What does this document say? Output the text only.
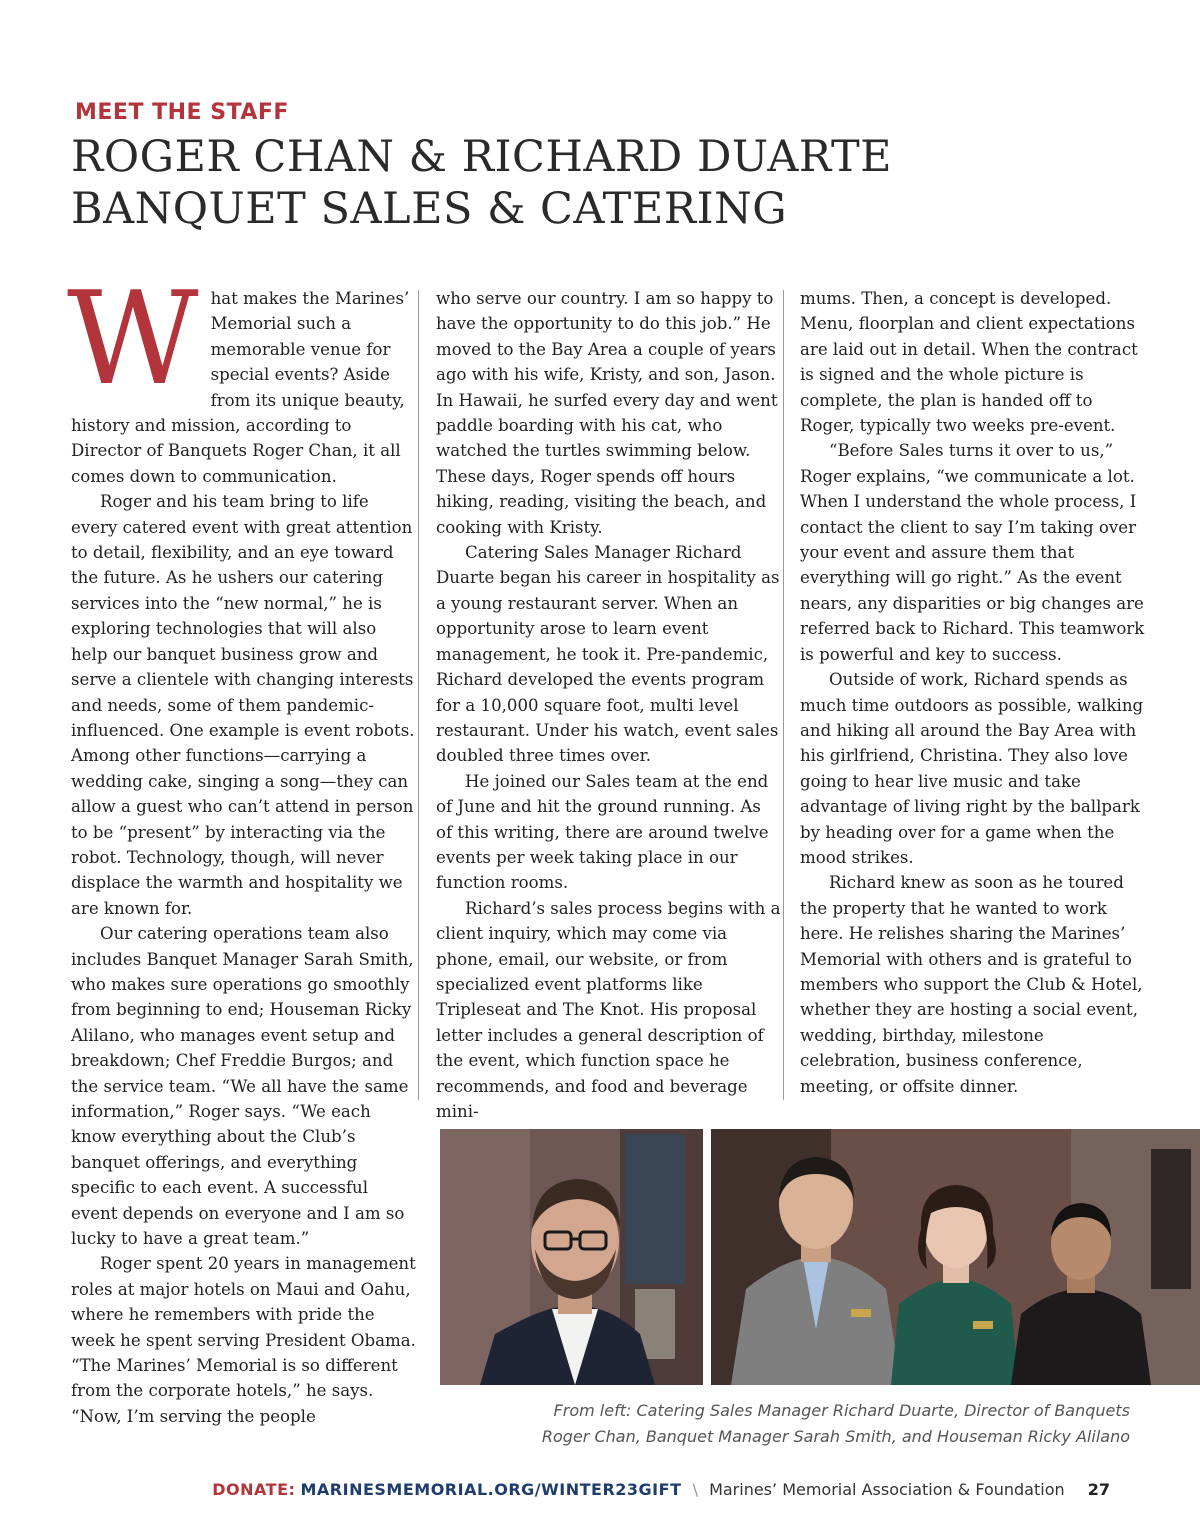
MEET THE STAFF
ROGER CHAN & RICHARD DUARTE
BANQUET SALES & CATERING

What makes the Marines’ Memorial such a memorable venue for special events? Aside from its unique beauty, history and mission, according to Director of Banquets Roger Chan, it all comes down to communication.

Roger and his team bring to life every catered event with great attention to detail, flexibility, and an eye toward the future. As he ushers our catering services into the “new normal,” he is exploring technologies that will also help our banquet business grow and serve a clientele with changing interests and needs, some of them pandemic-influenced. One example is event robots. Among other functions—carrying a wedding cake, singing a song—they can allow a guest who can’t attend in person to be “present” by interacting via the robot. Technology, though, will never displace the warmth and hospitality we are known for.

Our catering operations team also includes Banquet Manager Sarah Smith, who makes sure operations go smoothly from beginning to end; Houseman Ricky Alilano, who manages event setup and breakdown; Chef Freddie Burgos; and the service team. “We all have the same information,” Roger says. “We each know everything about the Club’s banquet offerings, and everything specific to each event. A successful event depends on everyone and I am so lucky to have a great team.”

Roger spent 20 years in management roles at major hotels on Maui and Oahu, where he remembers with pride the week he spent serving President Obama. “The Marines’ Memorial is so different from the corporate hotels,” he says. “Now, I’m serving the people

who serve our country. I am so happy to have the opportunity to do this job.” He moved to the Bay Area a couple of years ago with his wife, Kristy, and son, Jason. In Hawaii, he surfed every day and went paddle boarding with his cat, who watched the turtles swimming below. These days, Roger spends off hours hiking, reading, visiting the beach, and cooking with Kristy.

Catering Sales Manager Richard Duarte began his career in hospitality as a young restaurant server. When an opportunity arose to learn event management, he took it. Pre-pandemic, Richard developed the events program for a 10,000 square foot, multi level restaurant. Under his watch, event sales doubled three times over.

He joined our Sales team at the end of June and hit the ground running. As of this writing, there are around twelve events per week taking place in our function rooms.

Richard’s sales process begins with a client inquiry, which may come via phone, email, our website, or from specialized event platforms like Tripleseat and The Knot. His proposal letter includes a general description of the event, which function space he recommends, and food and beverage mini-

mums. Then, a concept is developed. Menu, floorplan and client expectations are laid out in detail. When the contract is signed and the whole picture is complete, the plan is handed off to Roger, typically two weeks pre-event.

“Before Sales turns it over to us,” Roger explains, “we communicate a lot. When I understand the whole process, I contact the client to say I’m taking over your event and assure them that everything will go right.” As the event nears, any disparities or big changes are referred back to Richard. This teamwork is powerful and key to success.

Outside of work, Richard spends as much time outdoors as possible, walking and hiking all around the Bay Area with his girlfriend, Christina. They also love going to hear live music and take advantage of living right by the ballpark by heading over for a game when the mood strikes.

Richard knew as soon as he toured the property that he wanted to work here. He relishes sharing the Marines’ Memorial with others and is grateful to members who support the Club & Hotel, whether they are hosting a social event, wedding, birthday, milestone celebration, business conference, meeting, or offsite dinner.

From left: Catering Sales Manager Richard Duarte, Director of Banquets
Roger Chan, Banquet Manager Sarah Smith, and Houseman Ricky Alilano
DONATE: MARINESMEMORIAL.ORG/WINTER23GIFT \ Marines’ Memorial Association & Foundation 27
